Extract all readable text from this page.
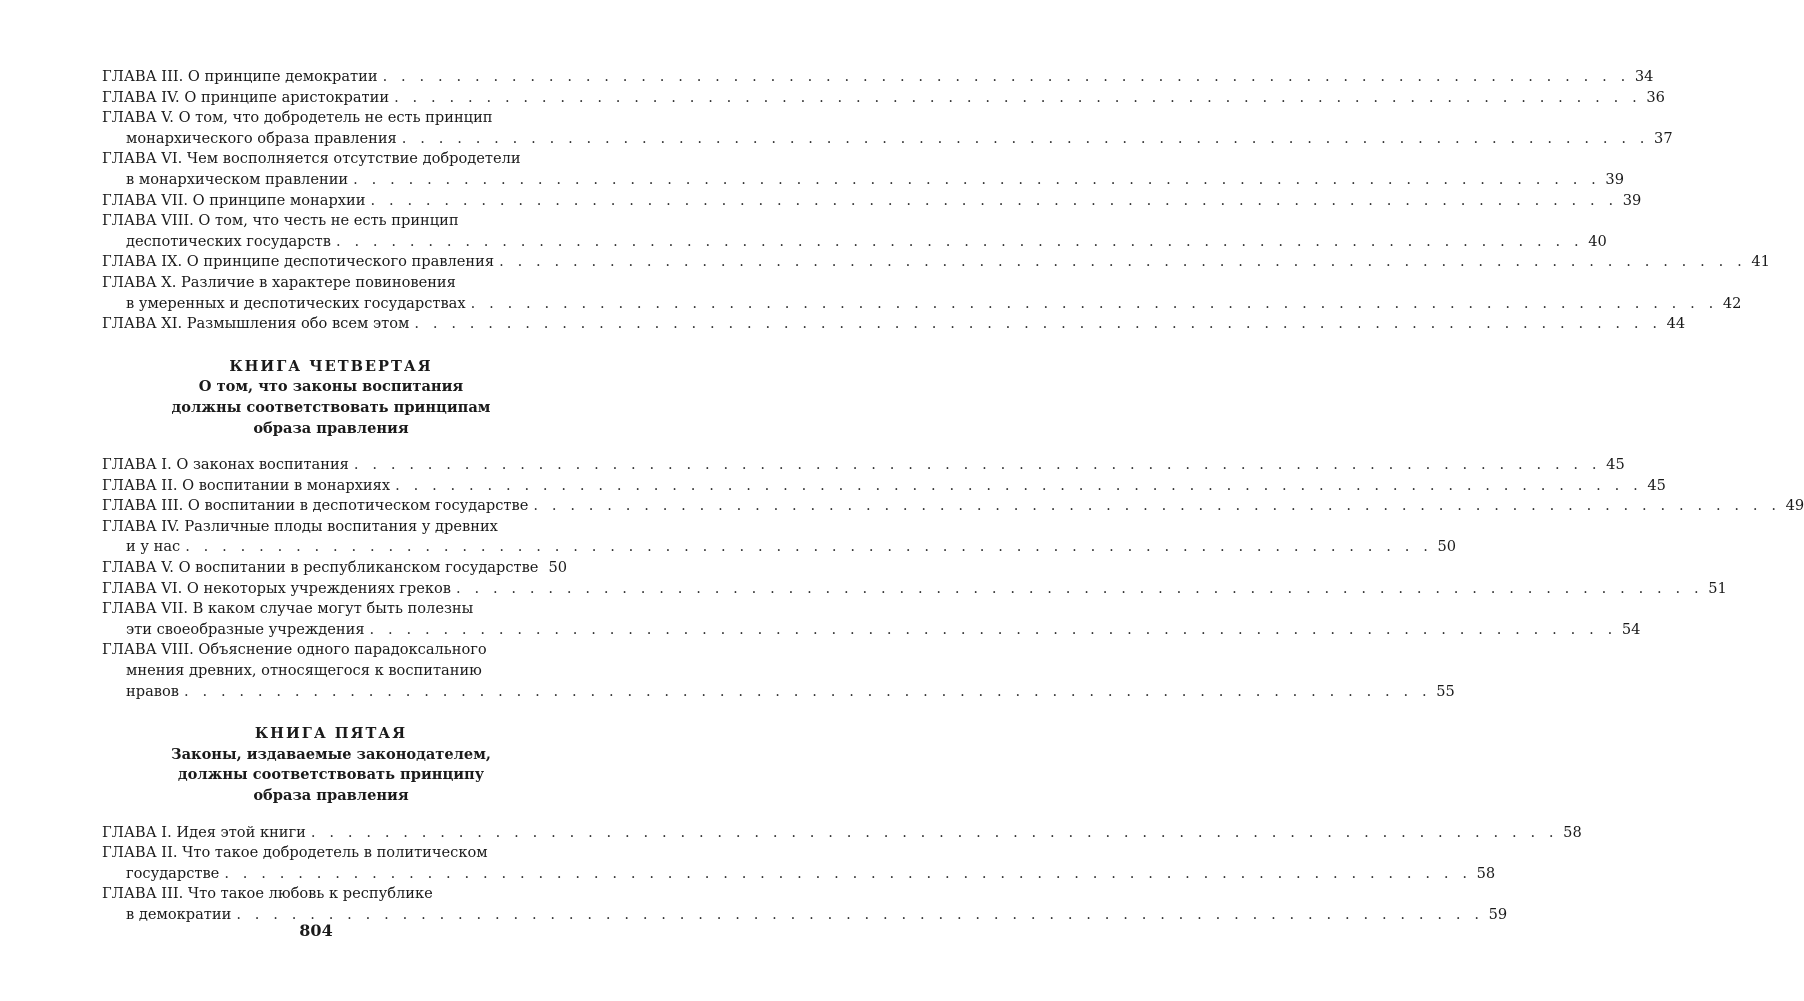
ГЛАВА III. О принципе демократии . . . . . . . . . . . . . . . . . . . . . . . . . . . . . . . . . . . . . . . . . . . . . . . . . . . . . . . . . . . . . . . . . . . . 34
ГЛАВА IV. О принципе аристократии . . . . . . . . . . . . . . . . . . . . . . . . . . . . . . . . . . . . . . . . . . . . . . . . . . . . . . . . . . . . . . . . . . . . 36
ГЛАВА V. О том, что добродетель не есть принцип
монархического образа правления . . . . . . . . . . . . . . . . . . . . . . . . . . . . . . . . . . . . . . . . . . . . . . . . . . . . . . . . . . . . . . . . . . . . 37
ГЛАВА VI. Чем восполняется отсутствие добродетели
в монархическом правлении . . . . . . . . . . . . . . . . . . . . . . . . . . . . . . . . . . . . . . . . . . . . . . . . . . . . . . . . . . . . . . . . . . . . 39
ГЛАВА VII. О принципе монархии . . . . . . . . . . . . . . . . . . . . . . . . . . . . . . . . . . . . . . . . . . . . . . . . . . . . . . . . . . . . . . . . . . . . 39
ГЛАВА VIII. О том, что честь не есть принцип
деспотических государств . . . . . . . . . . . . . . . . . . . . . . . . . . . . . . . . . . . . . . . . . . . . . . . . . . . . . . . . . . . . . . . . . . . . 40
ГЛАВА IX. О принципе деспотического правления . . . . . . . . . . . . . . . . . . . . . . . . . . . . . . . . . . . . . . . . . . . . . . . . . . . . . . . . . . . . . . . . . . . . 41
ГЛАВА X. Различие в характере повиновения
в умеренных и деспотических государствах . . . . . . . . . . . . . . . . . . . . . . . . . . . . . . . . . . . . . . . . . . . . . . . . . . . . . . . . . . . . . . . . . . . . 42
ГЛАВА XI. Размышления обо всем этом . . . . . . . . . . . . . . . . . . . . . . . . . . . . . . . . . . . . . . . . . . . . . . . . . . . . . . . . . . . . . . . . . . . . 44
КНИГА ЧЕТВЕРТАЯ
О том, что законы воспитания
должны соответствовать принципам
образа правления
ГЛАВА I. О законах воспитания . . . . . . . . . . . . . . . . . . . . . . . . . . . . . . . . . . . . . . . . . . . . . . . . . . . . . . . . . . . . . . . . . . . . 45
ГЛАВА II. О воспитании в монархиях . . . . . . . . . . . . . . . . . . . . . . . . . . . . . . . . . . . . . . . . . . . . . . . . . . . . . . . . . . . . . . . . . . . . 45
ГЛАВА III. О воспитании в деспотическом государстве . . . . . . . . . . . . . . . . . . . . . . . . . . . . . . . . . . . . . . . . . . . . . . . . . . . . . . . . . . . . . . . . . . . . 49
ГЛАВА IV. Различные плоды воспитания у древних
и у нас . . . . . . . . . . . . . . . . . . . . . . . . . . . . . . . . . . . . . . . . . . . . . . . . . . . . . . . . . . . . . . . . . . . . 50
ГЛАВА V. О воспитании в республиканском государстве 50
ГЛАВА VI. О некоторых учреждениях греков . . . . . . . . . . . . . . . . . . . . . . . . . . . . . . . . . . . . . . . . . . . . . . . . . . . . . . . . . . . . . . . . . . . . 51
ГЛАВА VII. В каком случае могут быть полезны
эти своеобразные учреждения . . . . . . . . . . . . . . . . . . . . . . . . . . . . . . . . . . . . . . . . . . . . . . . . . . . . . . . . . . . . . . . . . . . . 54
ГЛАВА VIII. Объяснение одного парадоксального
мнения древних, относящегося к воспитанию
нравов . . . . . . . . . . . . . . . . . . . . . . . . . . . . . . . . . . . . . . . . . . . . . . . . . . . . . . . . . . . . . . . . . . . . 55
КНИГА ПЯТАЯ
Законы, издаваемые законодателем,
должны соответствовать принципу
образа правления
ГЛАВА I. Идея этой книги . . . . . . . . . . . . . . . . . . . . . . . . . . . . . . . . . . . . . . . . . . . . . . . . . . . . . . . . . . . . . . . . . . . . 58
ГЛАВА II. Что такое добродетель в политическом
государстве . . . . . . . . . . . . . . . . . . . . . . . . . . . . . . . . . . . . . . . . . . . . . . . . . . . . . . . . . . . . . . . . . . . . 58
ГЛАВА III. Что такое любовь к республике
в демократии . . . . . . . . . . . . . . . . . . . . . . . . . . . . . . . . . . . . . . . . . . . . . . . . . . . . . . . . . . . . . . . . . . . . 59
804
